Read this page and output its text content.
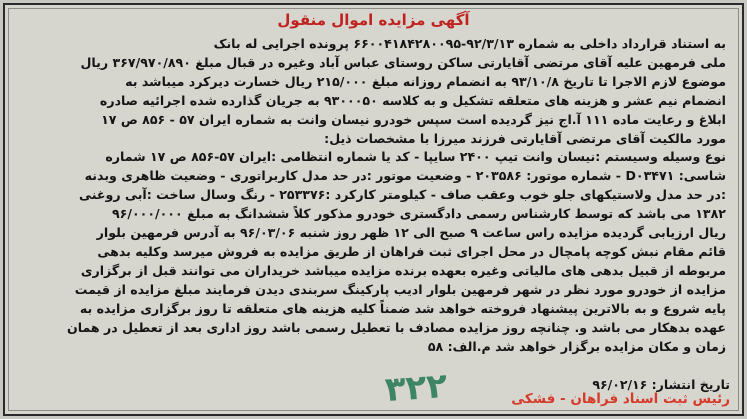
آگهی مزایده اموال منقول

به استناد قرارداد داخلی به شماره ۹۲/۳/۱۳-۶۶۰۰۴۱۸۴۲۸۰۰۹۵ پرونده اجرایی له بانک

ملی فرمهین علیه آقای مرتضی آقایارتی ساکن روستای عباس آباد وغیره در قبال مبلغ ۳۶۷/۹۷۰/۸۹۰ ریال

موضوع لازم الاجرا تا تاریخ ۹۳/۱۰/۸ به انضمام روزانه مبلغ ۲۱۵/۰۰۰ ریال خسارت دیرکرد میباشد به

انضمام نیم عشر و هزینه های متعلقه تشکیل و به کلاسه ۹۳۰۰۰۵۰ به جریان گذارده شده اجرائیه صادره

ابلاغ و رعایت ماده ۱۱۱ آ.اج نیز گردیده است سپس خودرو نیسان وانت به شماره ایران ۵۷ - ۸۵۶ ص ۱۷

مورد مالکیت آقای مرتضی آقایارتی فرزند میرزا با مشخصات ذیل:

نوع وسیله وسیستم :نیسان وانت تیپ ۲۴۰۰ سایپا - کد یا شماره انتظامی :ایران ۵۷-۸۵۶ ص ۱۷ شماره

شاسی: D۰۳۴۷۱ - شماره موتور: ۲۰۳۵۸۶ - وضعیت موتور :در حد مدل کاربراتوری - وضعیت ظاهری وبدنه

:در حد مدل ولاستیکهای جلو خوب وعقب صاف - کیلومتر کارکرد :۲۵۳۳۷۶ - رنگ وسال ساخت :آبی روغنی

۱۳۸۲ می باشد که توسط کارشناس رسمی دادگستری خودرو مذکور کلاً ششدانگ به مبلغ ۹۶/۰۰۰/۰۰۰

ریال ارزیابی گردیده مزایده راس ساعت ۹ صبح الی ۱۲ ظهر روز شنبه ۹۶/۰۳/۰۶ به آدرس فرمهین بلوار

قائم مقام نبش کوچه پامچال در محل اجرای ثبت فراهان از طریق مزایده به فروش میرسد وکلیه بدهی

مربوطه از قبیل بدهی های مالیاتی وغیره بعهده برنده مزایده میباشد خریداران می توانند قبل از برگزاری

مزایده از خودرو مورد نظر در شهر فرمهین بلوار ادیب پارکینگ سربندی دیدن فرمایند مبلغ مزایده از قیمت

پایه شروع و به بالاترین پیشنهاد فروخته خواهد شد ضمناً کلیه هزینه های متعلقه تا روز برگزاری مزایده به

عهده بدهکار می باشد و. چنانچه روز مزایده مصادف با تعطیل رسمی باشد روز اداری بعد از تعطیل در همان

زمان و مکان مزایده برگزار خواهد شد م.الف: ۵۸

تاریخ انتشار: ۹۶/۰۲/۱۶
رئیس ثبت اسناد فراهان - فشکی
۳۲۲
